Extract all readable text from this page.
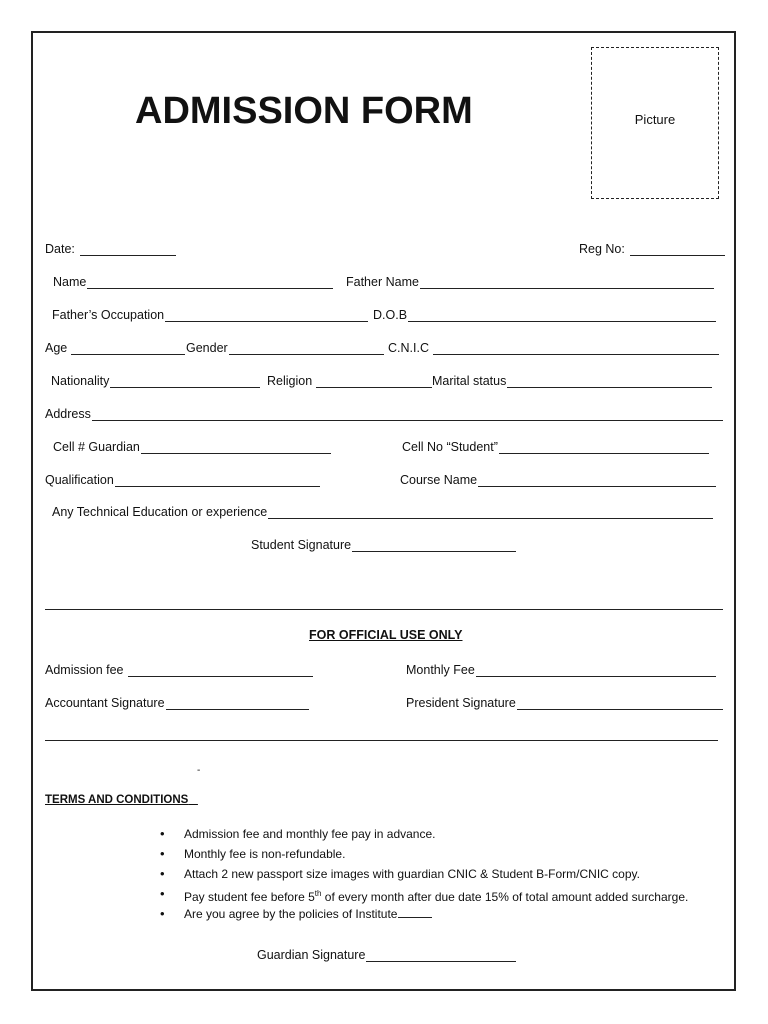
ADMISSION FORM	Picture
Date:	Reg No:
Name	Father Name
Father’s Occupation	D.O.B
Age	Gender	C.N.I.C
Nationality	Religion	Marital status
Address
Cell # Guardian	Cell No “Student”
Qualification	Course Name
Any Technical Education or experience
Student Signature
FOR OFFICIAL USE ONLY
Admission fee	Monthly Fee
Accountant Signature	President Signature
-
TERMS AND CONDITIONS
• Admission fee and monthly fee pay in advance.
• Monthly fee is non-refundable.
• Attach 2 new passport size images with guardian CNIC & Student B-Form/CNIC copy.
• Pay student fee before 5th of every month after due date 15% of total amount added surcharge.
• Are you agree by the policies of Institute
Guardian Signature
